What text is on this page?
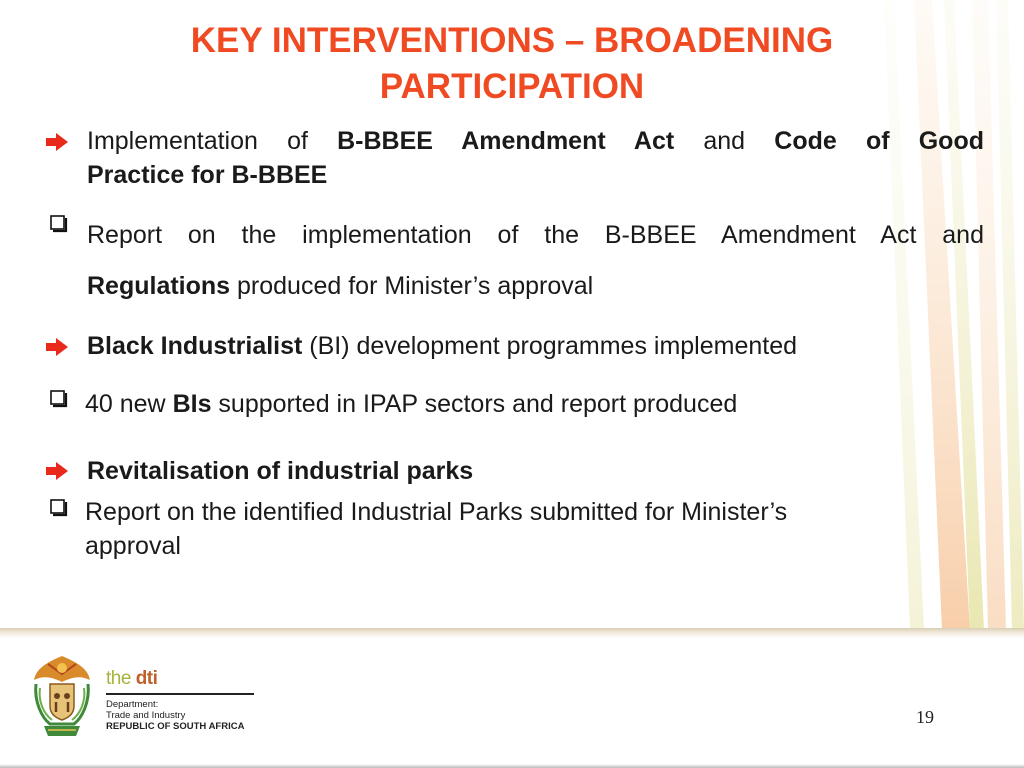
KEY INTERVENTIONS – BROADENING
PARTICIPATION
Implementation of B-BBEE Amendment Act and Code of Good
Practice for B-BBEE
Report on the implementation of the B-BBEE Amendment Act and
Regulations produced for Minister’s approval
Black Industrialist (BI) development programmes implemented
40 new BIs supported in IPAP sectors and report produced
Revitalisation of industrial parks
Report on the identified Industrial Parks submitted for Minister’s
approval
the dti
Department:
Trade and Industry
REPUBLIC OF SOUTH AFRICA	19
